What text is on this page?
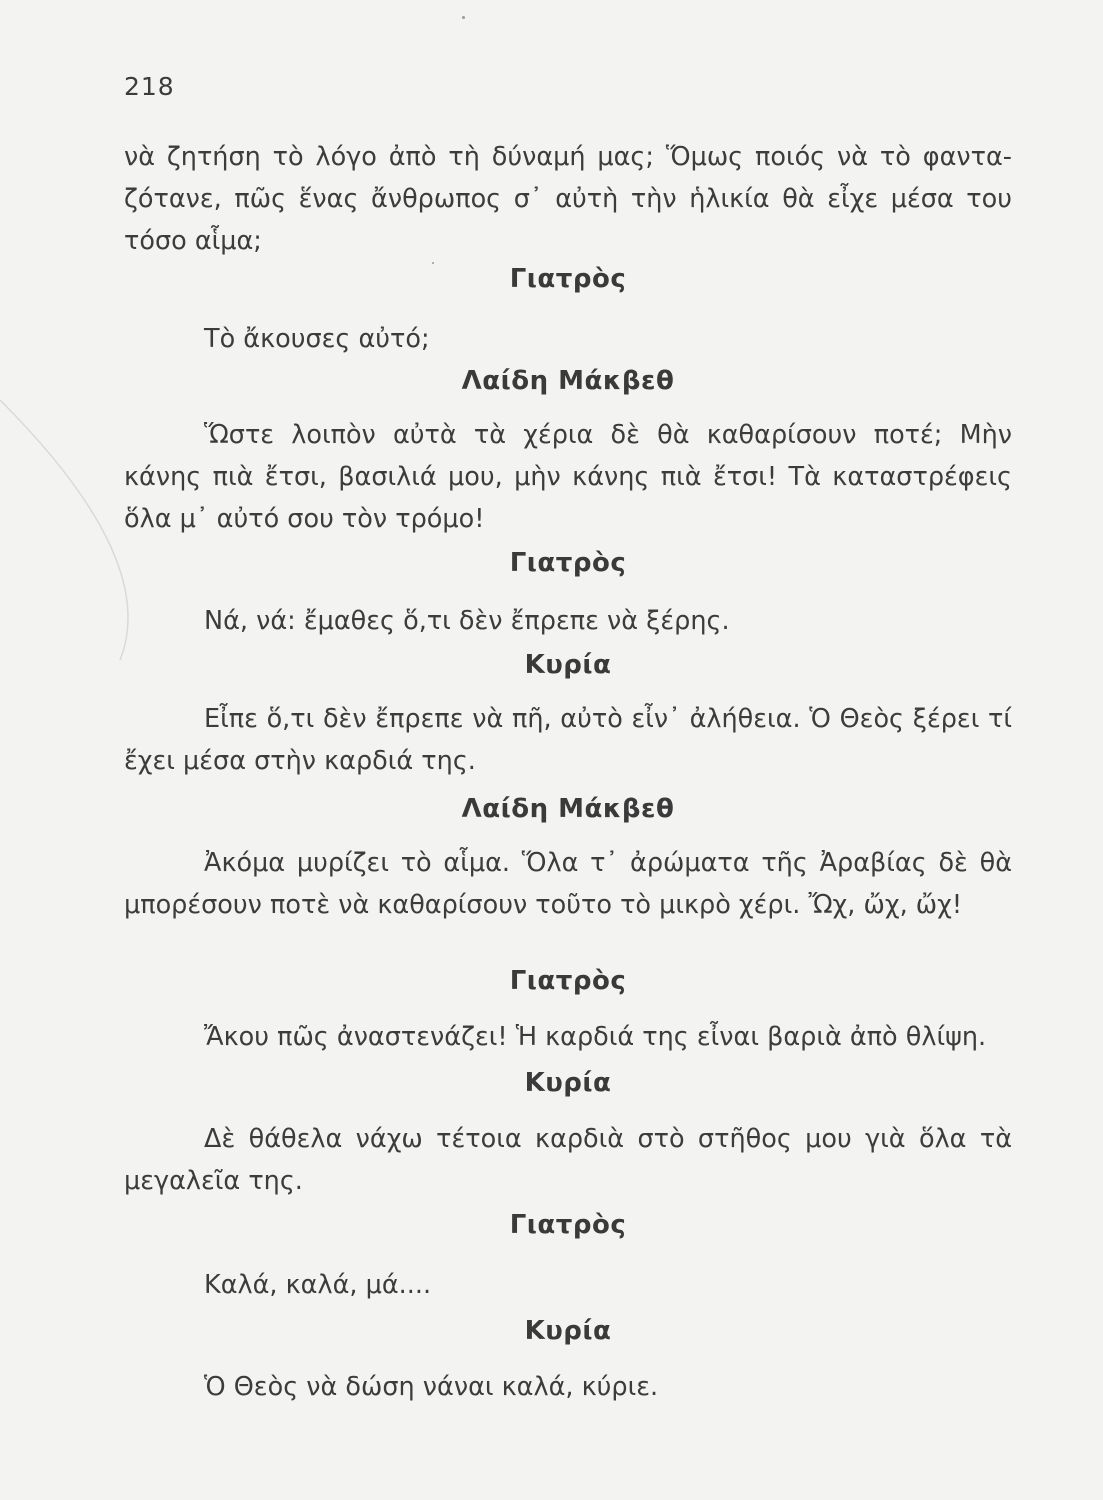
218

νὰ ζητήση τὸ λόγο ἀπὸ τὴ δύναμή μας; Ὅμως ποιός νὰ τὸ φαντα-ζότανε, πῶς ἕνας ἄνθρωπος σ᾽ αὐτὴ τὴν ἡλικία θὰ εἶχε μέσα του τόσο αἷμα;

Γιατρὸς

Τὸ ἄκουσες αὐτό;

Λαίδη Μάκβεθ

Ὥστε λοιπὸν αὐτὰ τὰ χέρια δὲ θὰ καθαρίσουν ποτέ; Μὴν κάνης πιὰ ἔτσι, βασιλιά μου, μὴν κάνης πιὰ ἔτσι! Τὰ καταστρέφεις ὅλα μ᾽ αὐτό σου τὸν τρόμο!

Γιατρὸς

Νά, νά: ἔμαθες ὅ,τι δὲν ἔπρεπε νὰ ξέρης.

Κυρία

Εἶπε ὅ,τι δὲν ἔπρεπε νὰ πῆ, αὐτὸ εἶν᾽ ἀλήθεια. Ὁ Θεὸς ξέρει τί ἔχει μέσα στὴν καρδιά της.

Λαίδη Μάκβεθ

Ἀκόμα μυρίζει τὸ αἷμα. Ὅλα τ᾽ ἀρώματα τῆς Ἀραβίας δὲ θὰ μπορέσουν ποτὲ νὰ καθαρίσουν τοῦτο τὸ μικρὸ χέρι. Ὤχ, ὤχ, ὤχ!

Γιατρὸς

Ἄκου πῶς ἀναστενάζει! Ἡ καρδιά της εἶναι βαριὰ ἀπὸ θλίψη.

Κυρία

Δὲ θάθελα νάχω τέτοια καρδιὰ στὸ στῆθος μου γιὰ ὅλα τὰ μεγαλεῖα της.

Γιατρὸς

Καλά, καλά, μά....

Κυρία

Ὁ Θεὸς νὰ δώση νάναι καλά, κύριε.
